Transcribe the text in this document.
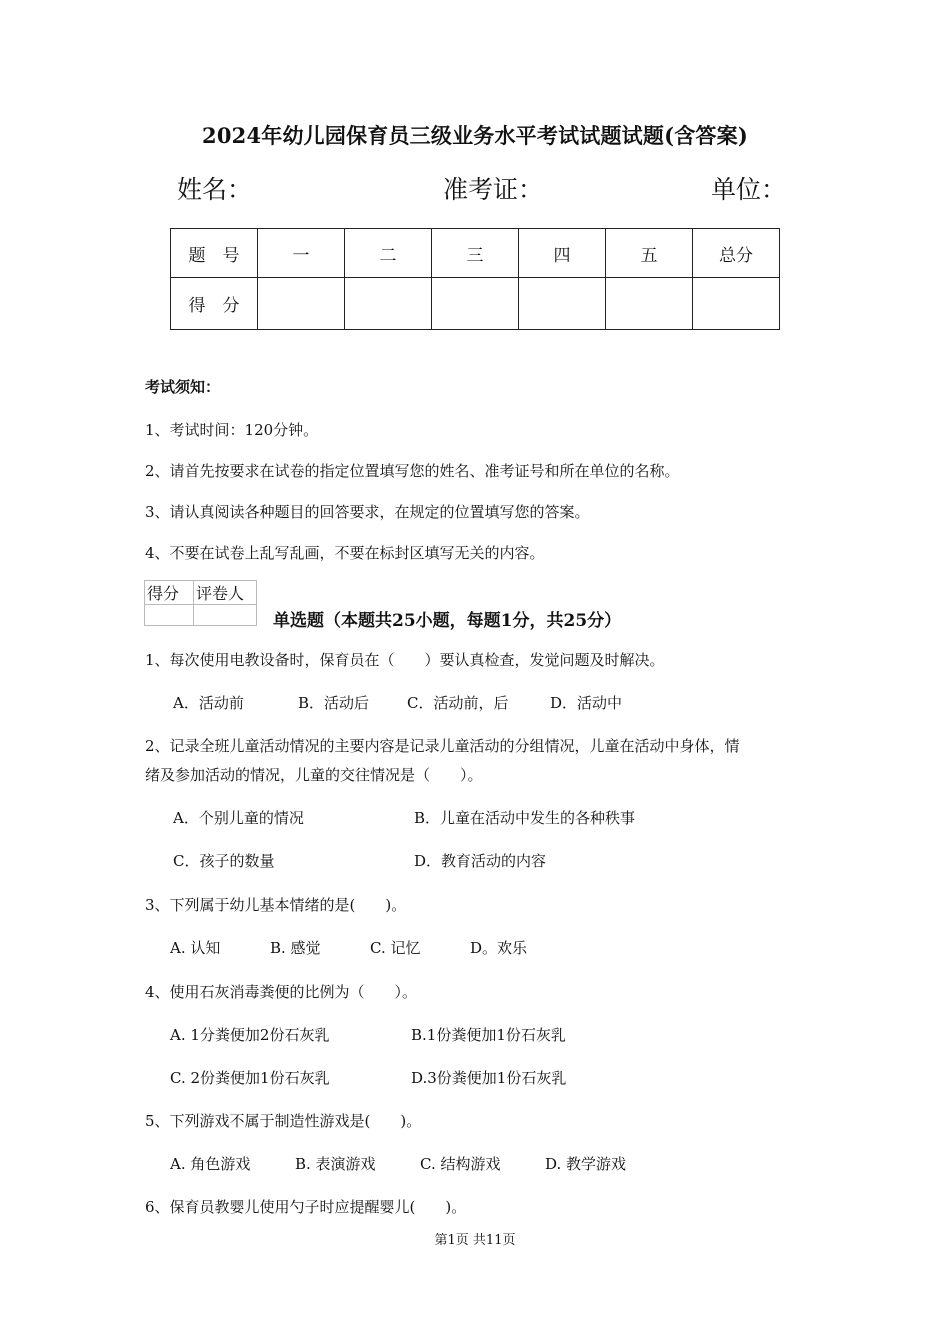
2024年幼儿园保育员三级业务水平考试试题试题(含答案)
姓名：	准考证：	单位：
题　号	一	二	三	四	五	总分
得　分						
考试须知：
1、考试时间：120分钟。
2、请首先按要求在试卷的指定位置填写您的姓名、准考证号和所在单位的名称。
3、请认真阅读各种题目的回答要求，在规定的位置填写您的答案。
4、不要在试卷上乱写乱画，不要在标封区填写无关的内容。
得分	评卷人

单选题（本题共25小题，每题1分，共25分）
1、每次使用电教设备时，保育员在（　　）要认真检查，发觉问题及时解决。
A．活动前	B．活动后	C．活动前，后	D．活动中
2、记录全班儿童活动情况的主要内容是记录儿童活动的分组情况，儿童在活动中身体，情
绪及参加活动的情况，儿童的交往情况是（　　）。
A．个别儿童的情况	B．儿童在活动中发生的各种秩事
C．孩子的数量	D．教育活动的内容
3、下列属于幼儿基本情绪的是(　　)。
A. 认知	B. 感觉	C. 记忆	D。欢乐
4、使用石灰消毒粪便的比例为（　　）。
A. 1分粪便加2份石灰乳	B.1份粪便加1份石灰乳
C. 2份粪便加1份石灰乳	D.3份粪便加1份石灰乳
5、下列游戏不属于制造性游戏是(　　)。
A. 角色游戏	B. 表演游戏	C. 结构游戏	D. 教学游戏
6、保育员教婴儿使用勺子时应提醒婴儿(　　)。
第1页 共11页
